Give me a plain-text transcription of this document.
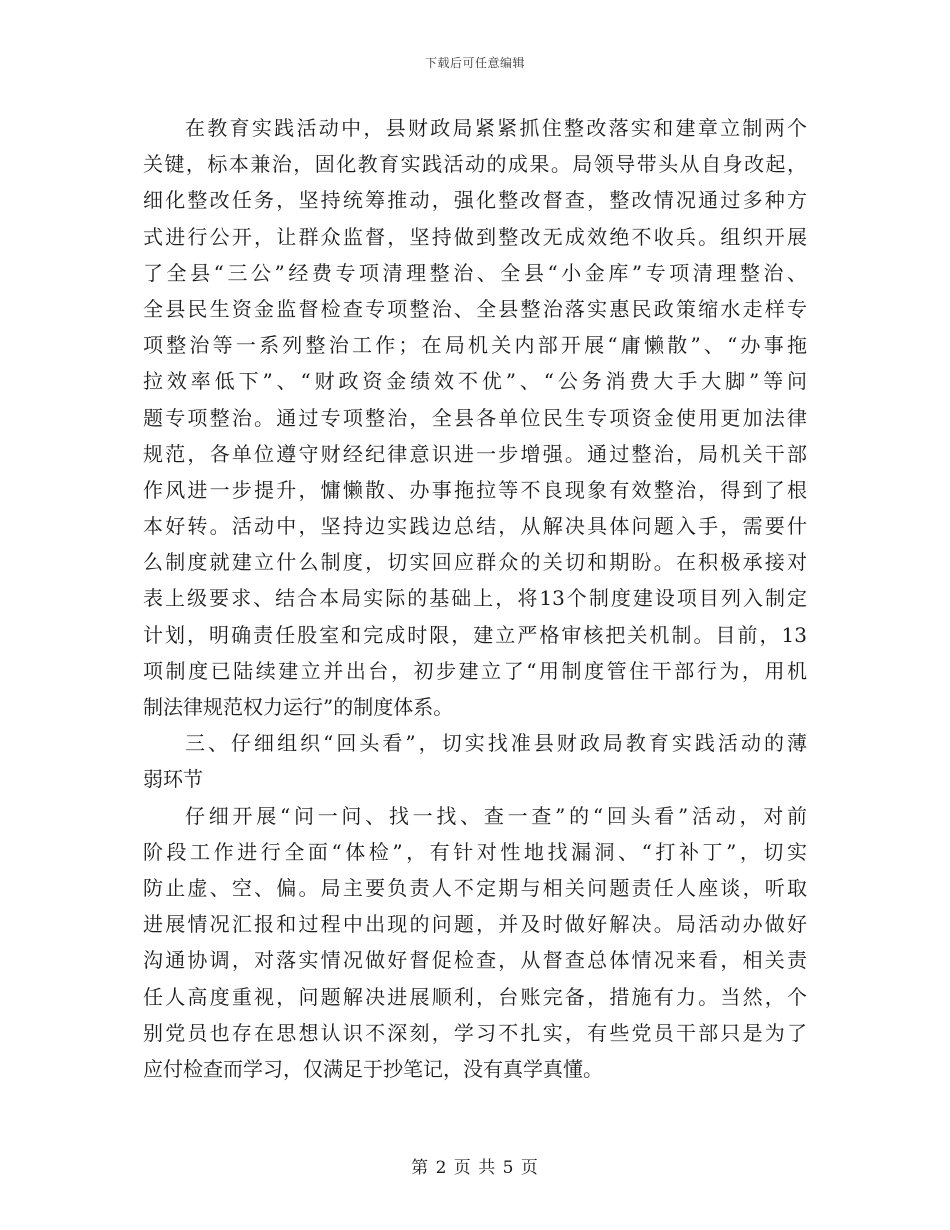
下载后可任意编辑
在教育实践活动中，县财政局紧紧抓住整改落实和建章立制两个
关键，标本兼治，固化教育实践活动的成果。局领导带头从自身改起，
细化整改任务，坚持统筹推动，强化整改督查，整改情况通过多种方
式进行公开，让群众监督，坚持做到整改无成效绝不收兵。组织开展
了全县“三公”经费专项清理整治、全县“小金库”专项清理整治、
全县民生资金监督检查专项整治、全县整治落实惠民政策缩水走样专
项整治等一系列整治工作；在局机关内部开展“庸懒散”、“办事拖
拉效率低下”、“财政资金绩效不优”、“公务消费大手大脚”等问
题专项整治。通过专项整治，全县各单位民生专项资金使用更加法律
规范，各单位遵守财经纪律意识进一步增强。通过整治，局机关干部
作风进一步提升，慵懒散、办事拖拉等不良现象有效整治，得到了根
本好转。活动中，坚持边实践边总结，从解决具体问题入手，需要什
么制度就建立什么制度，切实回应群众的关切和期盼。在积极承接对
表上级要求、结合本局实际的基础上，将13个制度建设项目列入制定
计划，明确责任股室和完成时限，建立严格审核把关机制。目前，13
项制度已陆续建立并出台，初步建立了“用制度管住干部行为，用机
制法律规范权力运行”的制度体系。
三、仔细组织“回头看”，切实找准县财政局教育实践活动的薄
弱环节
仔细开展“问一问、找一找、查一查”的“回头看”活动，对前
阶段工作进行全面“体检”，有针对性地找漏洞、“打补丁”，切实
防止虚、空、偏。局主要负责人不定期与相关问题责任人座谈，听取
进展情况汇报和过程中出现的问题，并及时做好解决。局活动办做好
沟通协调，对落实情况做好督促检查，从督查总体情况来看，相关责
任人高度重视，问题解决进展顺利，台账完备，措施有力。当然，个
别党员也存在思想认识不深刻，学习不扎实，有些党员干部只是为了
应付检查而学习，仅满足于抄笔记，没有真学真懂。
第 2 页 共 5 页
